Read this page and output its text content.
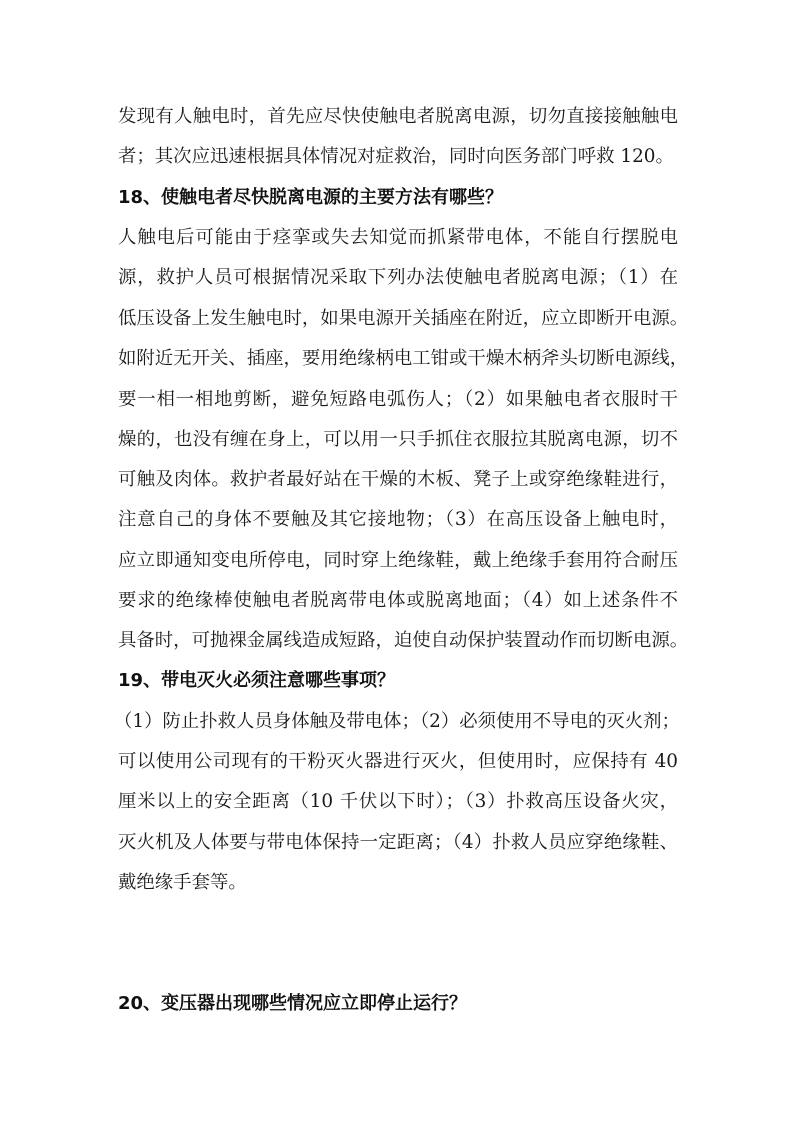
发现有人触电时，首先应尽快使触电者脱离电源，切勿直接接触触电
者；其次应迅速根据具体情况对症救治，同时向医务部门呼救 120。
18、使触电者尽快脱离电源的主要方法有哪些？
人触电后可能由于痉挛或失去知觉而抓紧带电体，不能自行摆脱电
源，救护人员可根据情况采取下列办法使触电者脱离电源；（1）在
低压设备上发生触电时，如果电源开关插座在附近，应立即断开电源。
如附近无开关、插座，要用绝缘柄电工钳或干燥木柄斧头切断电源线，
要一相一相地剪断，避免短路电弧伤人；（2）如果触电者衣服时干
燥的，也没有缠在身上，可以用一只手抓住衣服拉其脱离电源，切不
可触及肉体。救护者最好站在干燥的木板、凳子上或穿绝缘鞋进行，
注意自己的身体不要触及其它接地物；（3）在高压设备上触电时，
应立即通知变电所停电，同时穿上绝缘鞋，戴上绝缘手套用符合耐压
要求的绝缘棒使触电者脱离带电体或脱离地面；（4）如上述条件不
具备时，可抛裸金属线造成短路，迫使自动保护装置动作而切断电源。
19、带电灭火必须注意哪些事项？
（1）防止扑救人员身体触及带电体；（2）必须使用不导电的灭火剂；
可以使用公司现有的干粉灭火器进行灭火，但使用时，应保持有 40
厘米以上的安全距离（10 千伏以下时）；（3）扑救高压设备火灾，
灭火机及人体要与带电体保持一定距离；（4）扑救人员应穿绝缘鞋、
戴绝缘手套等。
20、变压器出现哪些情况应立即停止运行？
